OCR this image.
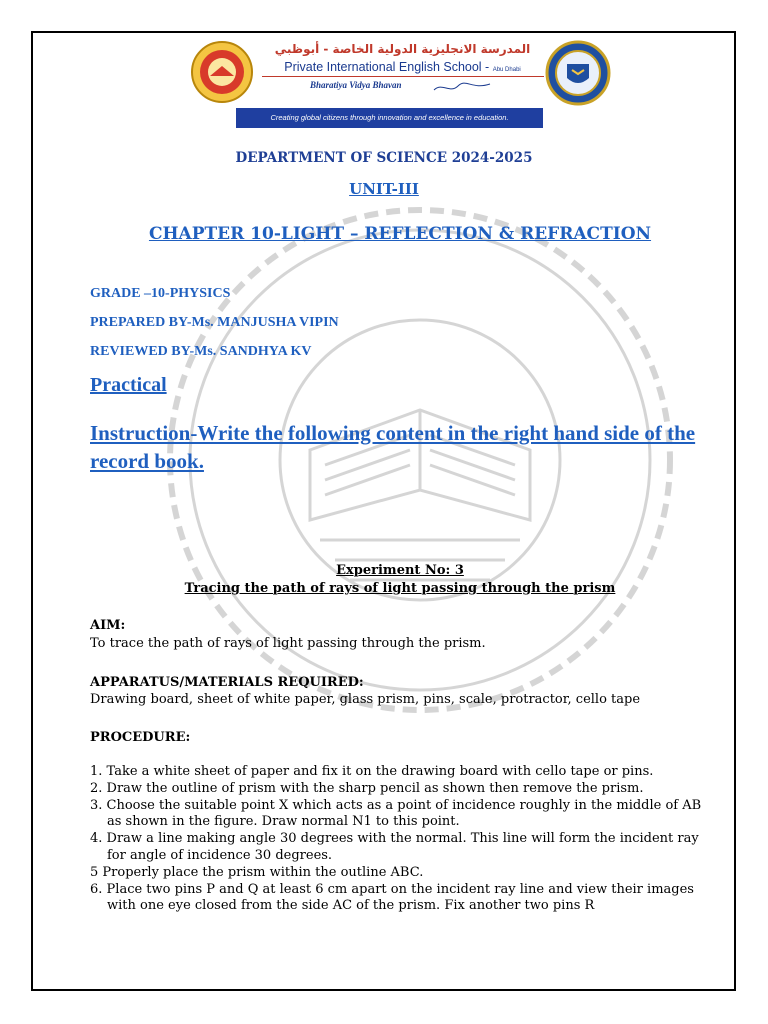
المدرسة الانجليزية الدولية الخاصة - أبوظبي
Private International English School - Abu Dhabi
Bharatiya Vidya Bhavan
Creating global citizens through innovation and excellence in education.
DEPARTMENT OF SCIENCE 2024-2025
UNIT-III
CHAPTER 10-LIGHT – REFLECTION & REFRACTION
GRADE –10-PHYSICS
PREPARED BY-Ms. MANJUSHA VIPIN
REVIEWED BY-Ms. SANDHYA KV
Practical
Instruction-Write the following content in the right hand side of the record book.
Experiment No: 3
Tracing the path of rays of light passing through the prism
AIM:
To trace the path of rays of light passing through the prism.
APPARATUS/MATERIALS REQUIRED:
Drawing board, sheet of white paper, glass prism, pins, scale, protractor, cello tape
PROCEDURE:
1. Take a white sheet of paper and fix it on the drawing board with cello tape or pins.
2. Draw the outline of prism with the sharp pencil as shown then remove the prism.
3. Choose the suitable point X which acts as a point of incidence roughly in the middle of AB as shown in the figure. Draw normal N1 to this point.
4. Draw a line making angle 30 degrees with the normal. This line will form the incident ray for angle of incidence 30 degrees.
5 Properly place the prism within the outline ABC.
6. Place two pins P and Q at least 6 cm apart on the incident ray line and view their images with one eye closed from the side AC of the prism. Fix another two pins R
